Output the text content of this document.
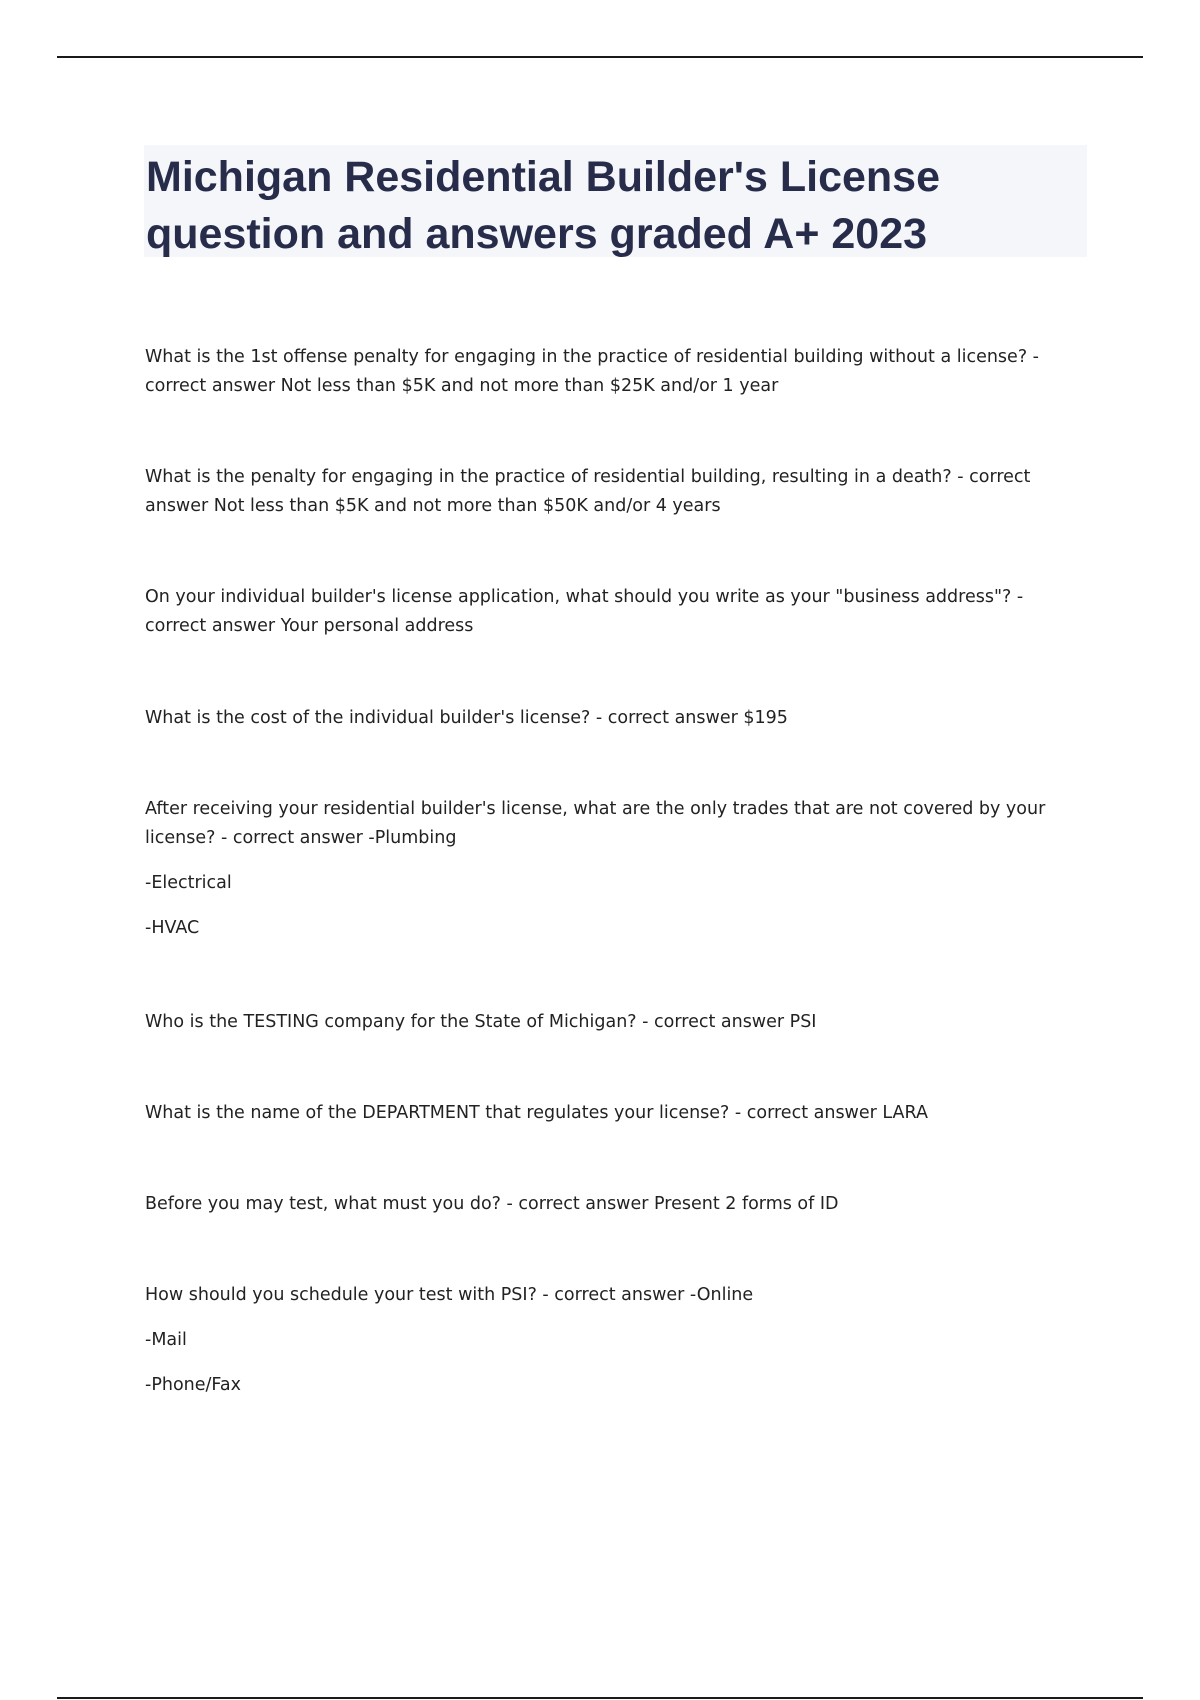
Michigan Residential Builder's License question and answers graded A+ 2023

What is the 1st offense penalty for engaging in the practice of residential building without a license? - correct answer Not less than $5K and not more than $25K and/or 1 year

What is the penalty for engaging in the practice of residential building, resulting in a death? - correct answer Not less than $5K and not more than $50K and/or 4 years

On your individual builder's license application, what should you write as your "business address"? - correct answer Your personal address

What is the cost of the individual builder's license? - correct answer $195

After receiving your residential builder's license, what are the only trades that are not covered by your license? - correct answer -Plumbing

-Electrical

-HVAC

Who is the TESTING company for the State of Michigan? - correct answer PSI

What is the name of the DEPARTMENT that regulates your license? - correct answer LARA

Before you may test, what must you do? - correct answer Present 2 forms of ID

How should you schedule your test with PSI? - correct answer -Online

-Mail

-Phone/Fax
